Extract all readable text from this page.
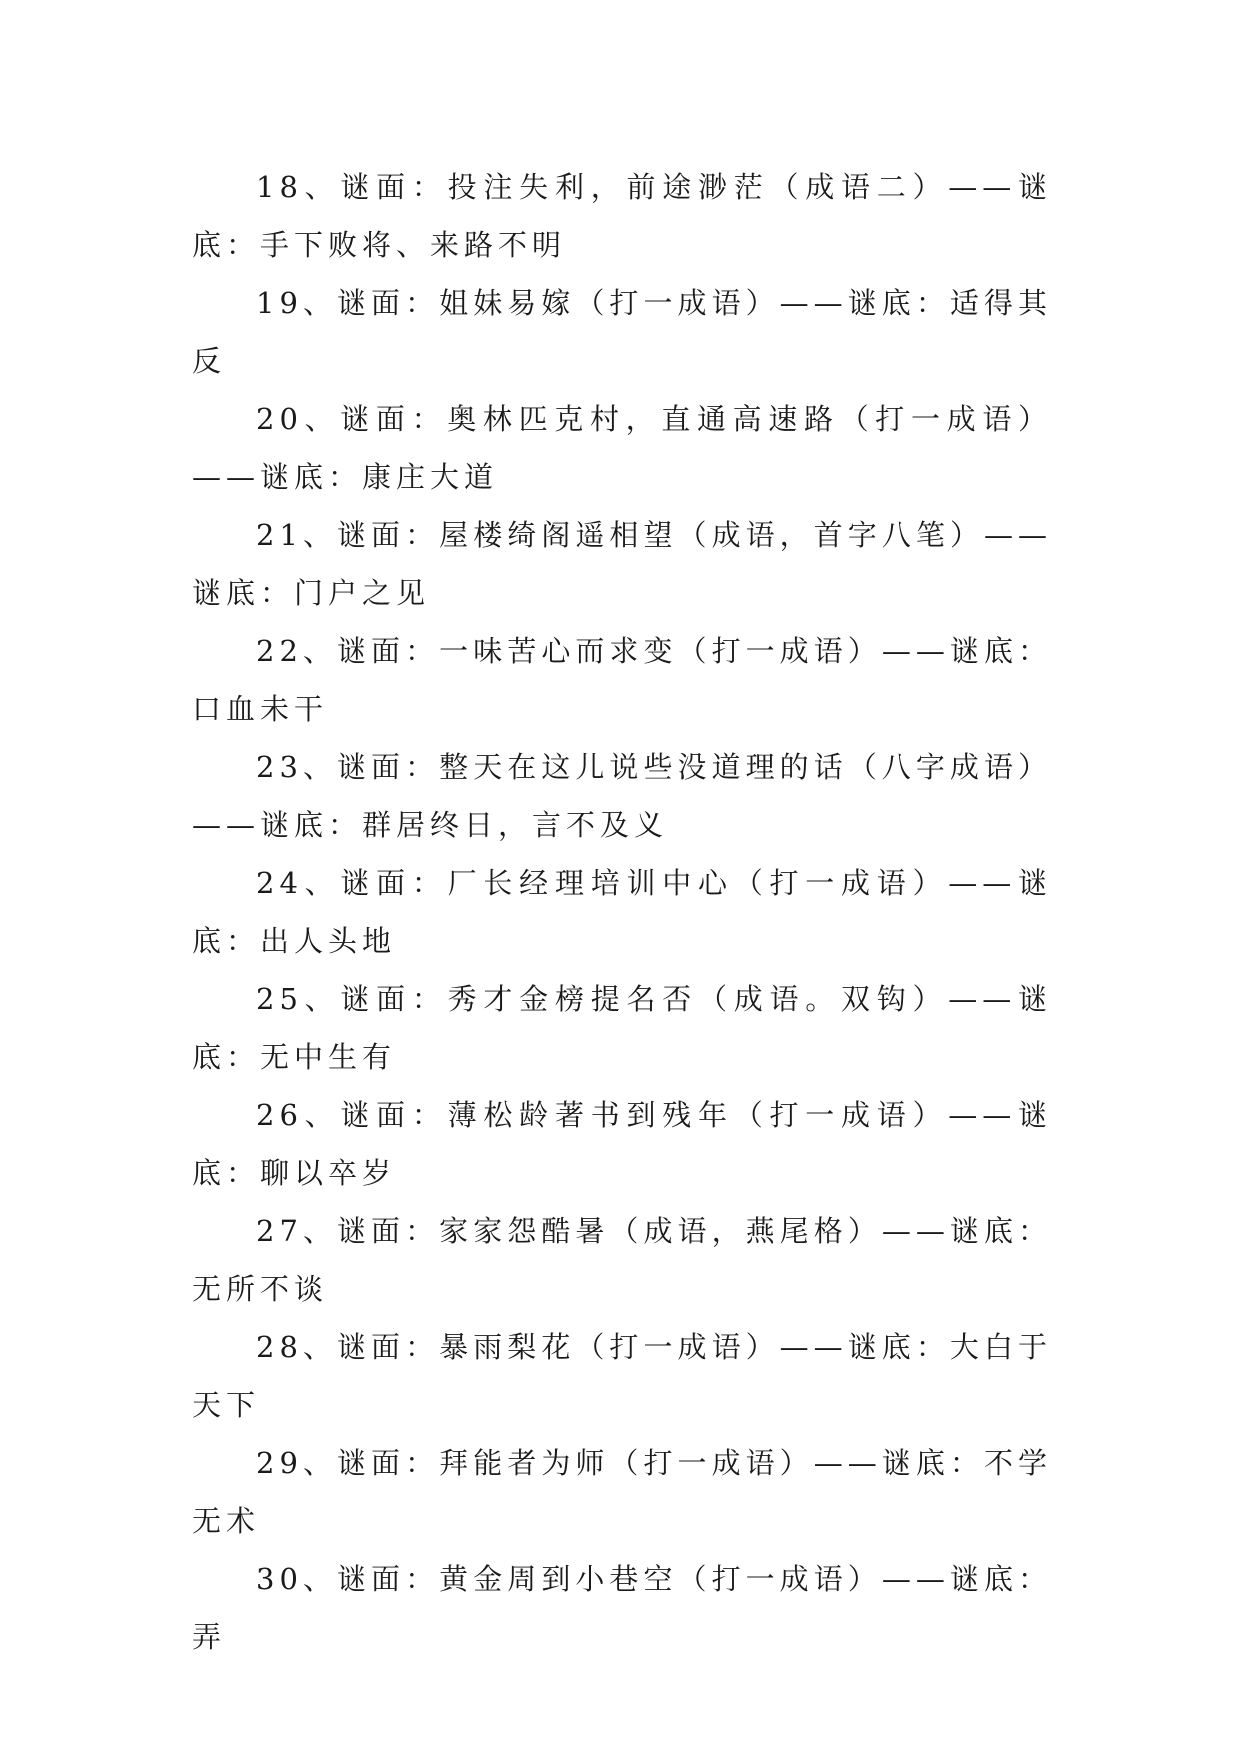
18、谜面：投注失利，前途渺茫（成语二）——谜底：手下败将、来路不明

19、谜面：姐妹易嫁（打一成语）——谜底：适得其反

20、谜面：奥林匹克村，直通高速路（打一成语）——谜底：康庄大道

21、谜面：屋楼绮阁遥相望（成语，首字八笔）——谜底：门户之见

22、谜面：一味苦心而求变（打一成语）——谜底：口血未干

23、谜面：整天在这儿说些没道理的话（八字成语）——谜底：群居终日，言不及义

24、谜面：厂长经理培训中心（打一成语）——谜底：出人头地

25、谜面：秀才金榜提名否（成语。双钩）——谜底：无中生有

26、谜面：薄松龄著书到残年（打一成语）——谜底：聊以卒岁

27、谜面：家家怨酷暑（成语，燕尾格）——谜底：无所不谈

28、谜面：暴雨梨花（打一成语）——谜底：大白于天下

29、谜面：拜能者为师（打一成语）——谜底：不学无术

30、谜面：黄金周到小巷空（打一成语）——谜底：弄
